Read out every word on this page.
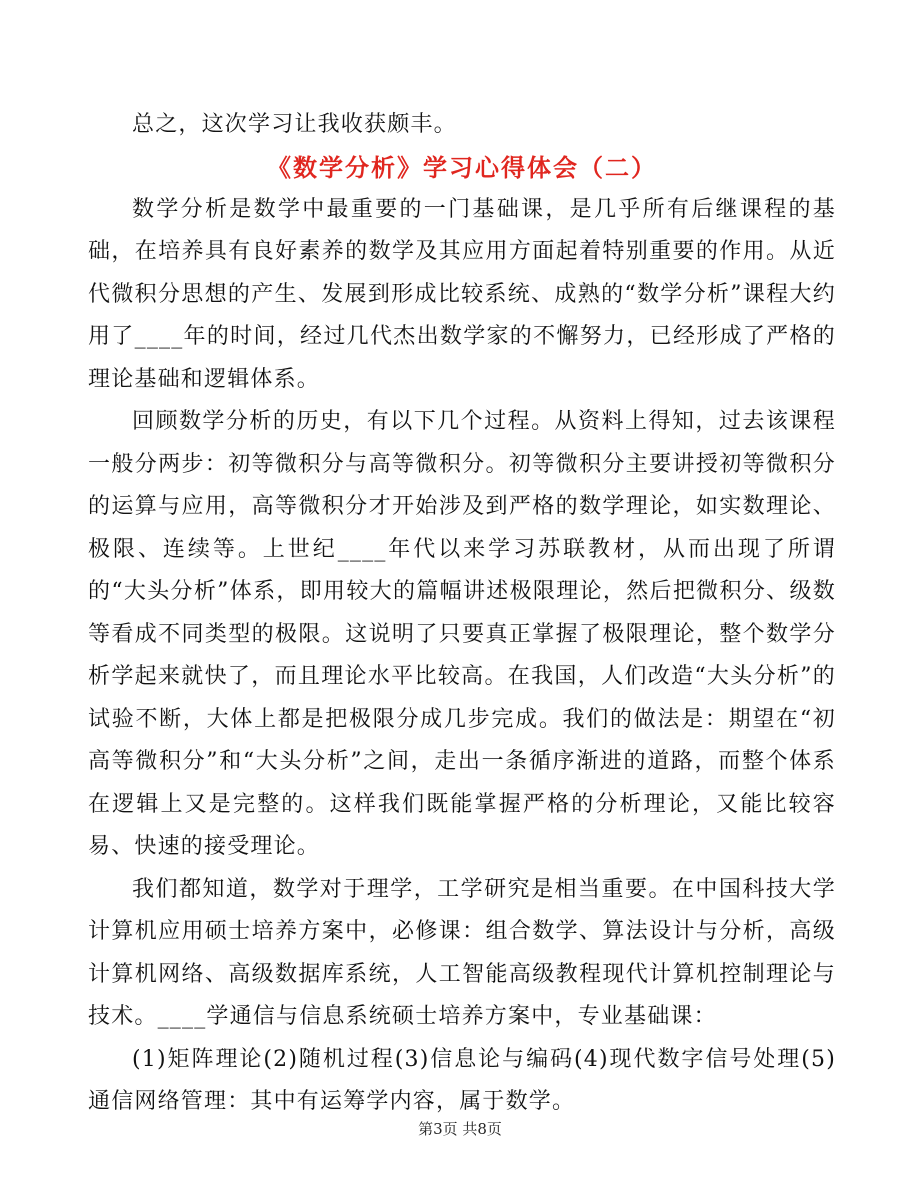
总之，这次学习让我收获颇丰。

《数学分析》学习心得体会（二）

数学分析是数学中最重要的一门基础课，是几乎所有后继课程的基础，在培养具有良好素养的数学及其应用方面起着特别重要的作用。从近代微积分思想的产生、发展到形成比较系统、成熟的“数学分析”课程大约用了____年的时间，经过几代杰出数学家的不懈努力，已经形成了严格的理论基础和逻辑体系。

回顾数学分析的历史，有以下几个过程。从资料上得知，过去该课程一般分两步：初等微积分与高等微积分。初等微积分主要讲授初等微积分的运算与应用，高等微积分才开始涉及到严格的数学理论，如实数理论、极限、连续等。上世纪____年代以来学习苏联教材，从而出现了所谓的“大头分析”体系，即用较大的篇幅讲述极限理论，然后把微积分、级数等看成不同类型的极限。这说明了只要真正掌握了极限理论，整个数学分析学起来就快了，而且理论水平比较高。在我国，人们改造“大头分析”的试验不断，大体上都是把极限分成几步完成。我们的做法是：期望在“初高等微积分”和“大头分析”之间，走出一条循序渐进的道路，而整个体系在逻辑上又是完整的。这样我们既能掌握严格的分析理论，又能比较容易、快速的接受理论。

我们都知道，数学对于理学，工学研究是相当重要。在中国科技大学计算机应用硕士培养方案中，必修课：组合数学、算法设计与分析，高级计算机网络、高级数据库系统，人工智能高级教程现代计算机控制理论与技术。____学通信与信息系统硕士培养方案中，专业基础课：

(1)矩阵理论(2)随机过程(3)信息论与编码(4)现代数字信号处理(5)通信网络管理：其中有运筹学内容，属于数学。

第3页 共8页
